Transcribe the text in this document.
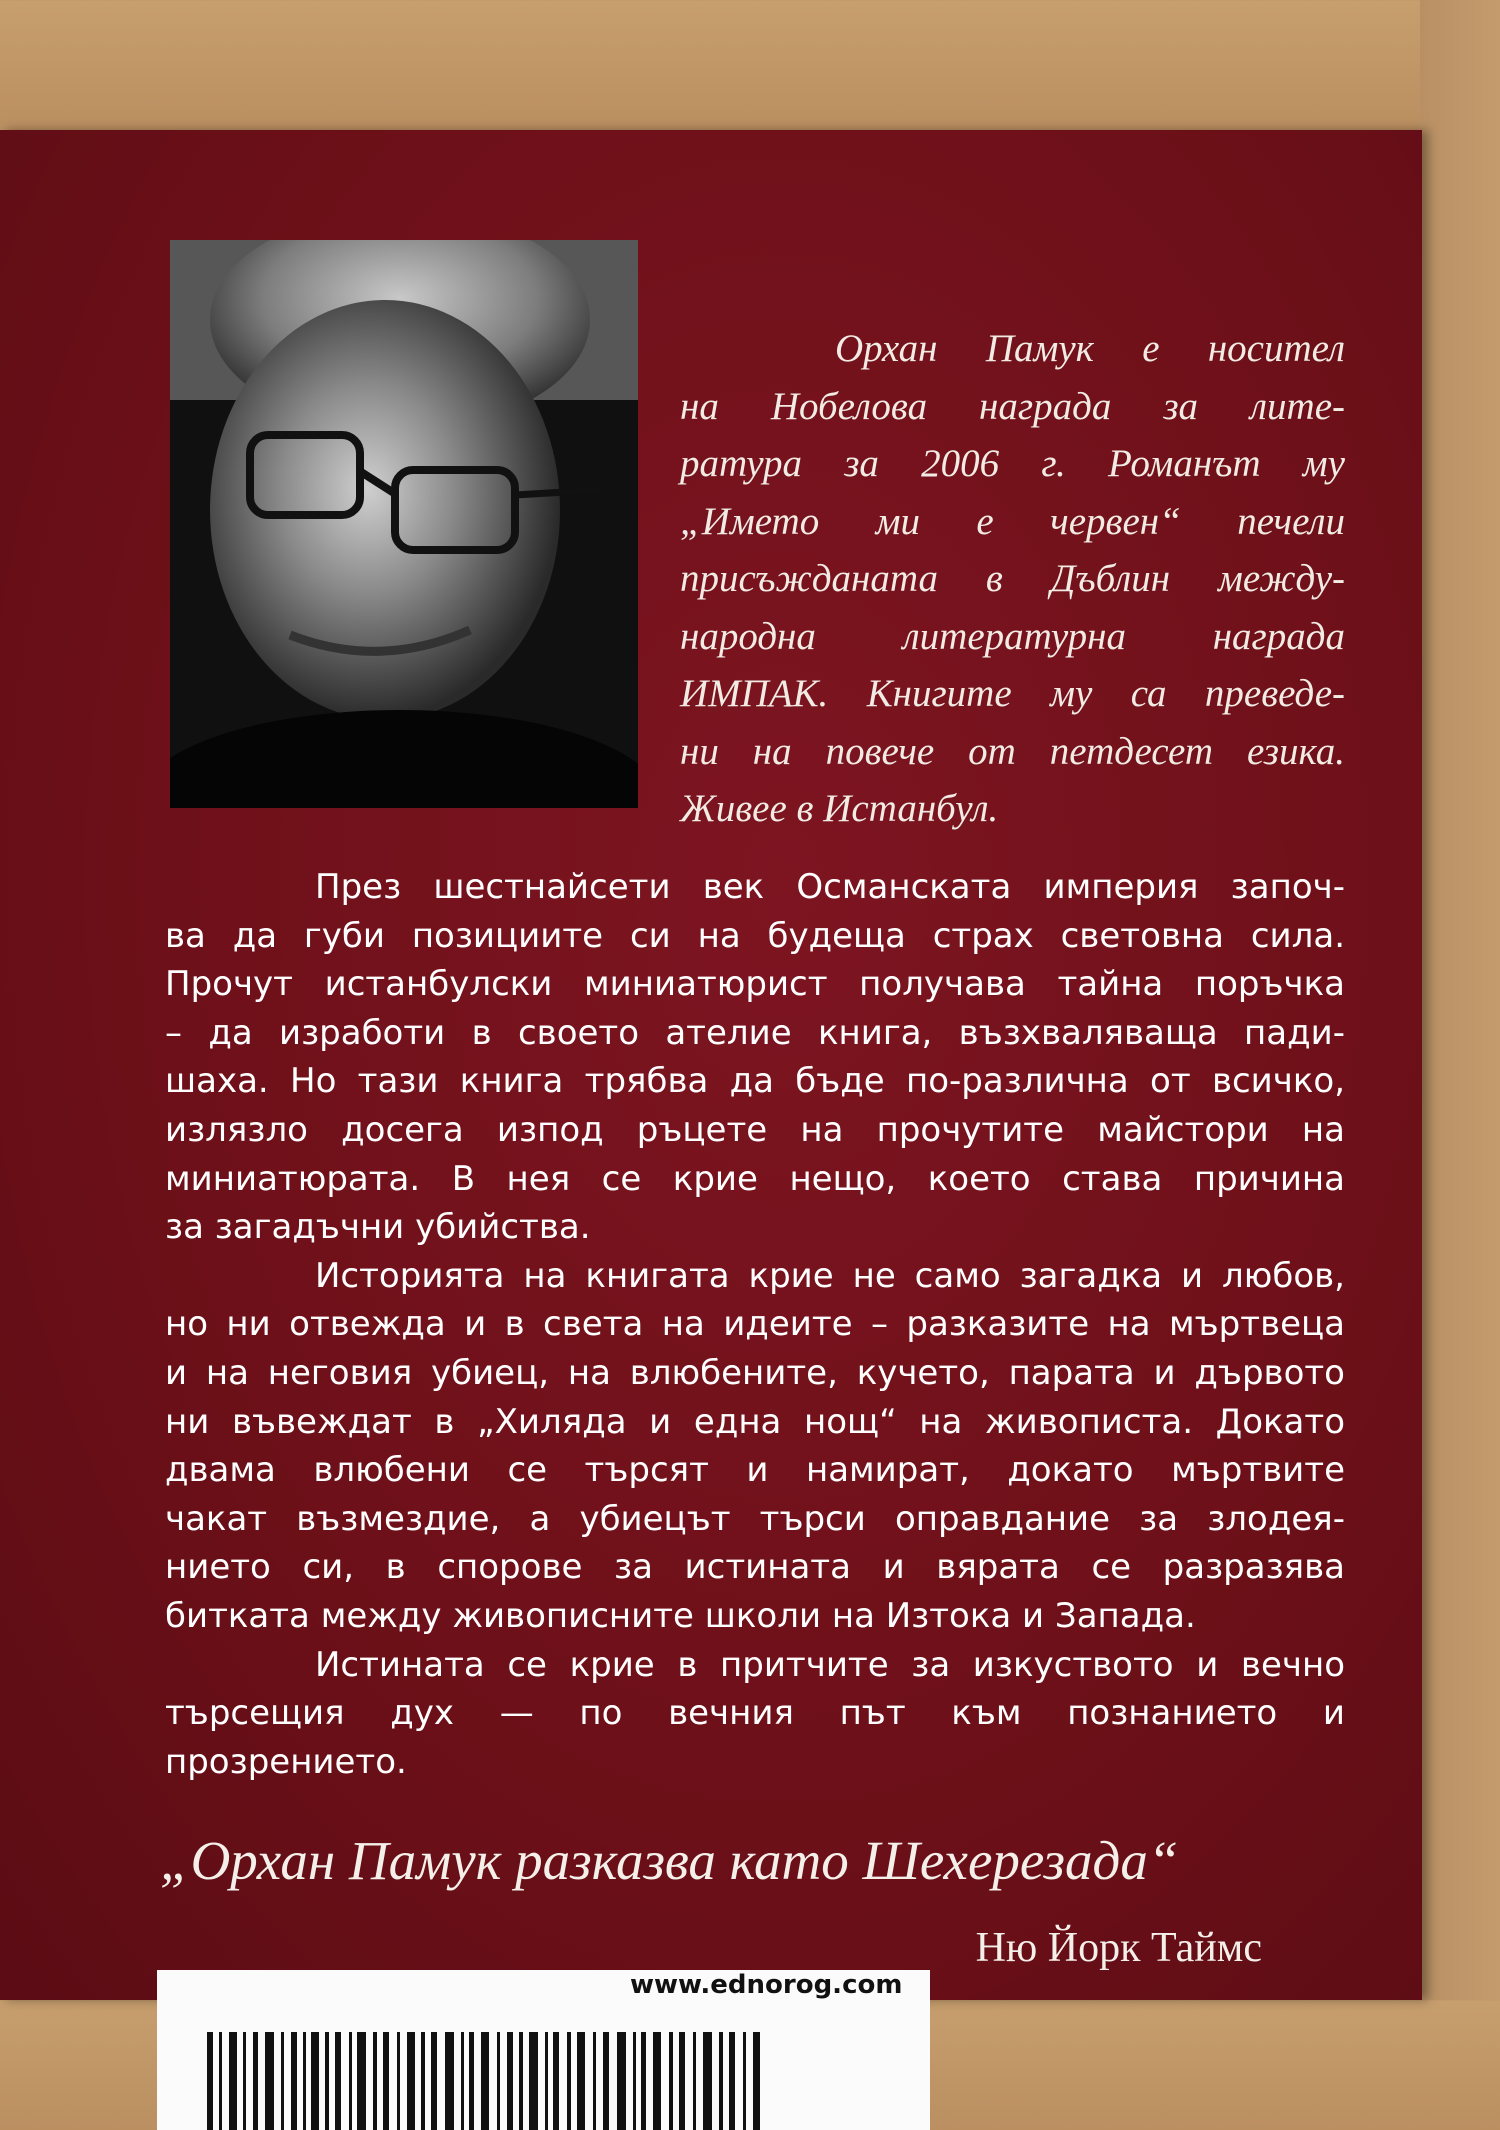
Орхан Памук е носител
на Нобелова награда за лите-
ратура за 2006 г. Романът му
„Името ми е червен“ печели
присъжданата в Дъблин между-
народна литературна награда
ИМПАК. Книгите му са преведе-
ни на повече от петдесет езика.
Живее в Истанбул.
През шестнайсети век Османската империя започ-
ва да губи позициите си на будеща страх световна сила.
Прочут истанбулски миниатюрист получава тайна поръчка
– да изработи в своето ателие книга, възхваляваща пади-
шаха. Но тази книга трябва да бъде по-различна от всичко,
излязло досега изпод ръцете на прочутите майстори на
миниатюрата. В нея се крие нещо, което става причина
за загадъчни убийства.
Историята на книгата крие не само загадка и любов,
но ни отвежда и в света на идеите – разказите на мъртвеца
и на неговия убиец, на влюбените, кучето, парата и дървото
ни въвеждат в „Хиляда и една нощ“ на живописта. Докато
двама влюбени се търсят и намират, докато мъртвите
чакат възмездие, а убиецът търси оправдание за злодея-
нието си, в спорове за истината и вярата се разразява
битката между живописните школи на Изтока и Запада.
Истината се крие в притчите за изкуството и вечно
търсещия дух — по вечния път към познанието и
прозрението.
„Орхан Памук разказва като Шехерезада“
Ню Йорк Таймс
www.ednorog.com
